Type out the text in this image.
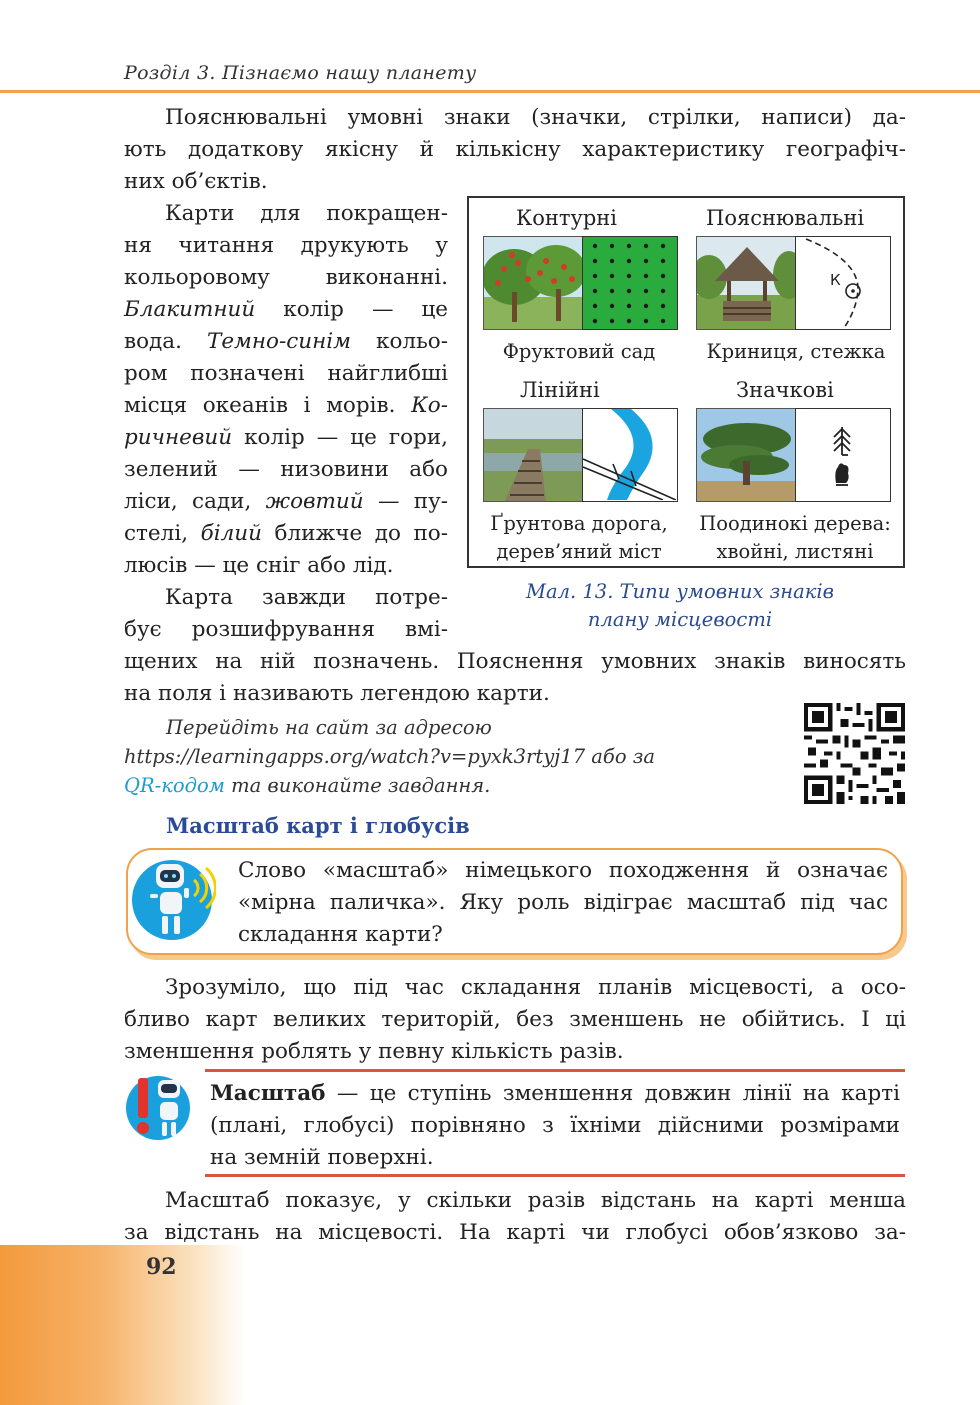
Розділ 3. Пізнаємо нашу планету
Пояснювальні умовні знаки (значки, стрілки, написи) да-
ють додаткову якісну й кількісну характеристику географіч-
них об’єктів.
Карти для покращен-
ня читання друкують у
кольоровому виконанні.
Блакитний колір — це
вода. Темно-синім кольо-
ром позначені найглибші
місця океанів і морів. Ко-
ричневий колір — це гори,
зелений — низовини або
ліси, сади, жовтий — пу-
стелі, білий ближче до по-
люсів — це сніг або лід.
Карта завжди потре-
бує розшифрування вмі-
щених на ній позначень. Пояснення умовних знаків виносять
на поля і називають легендою карти.
Контурні
Фруктовий сад
Пояснювальні
К
Криниця, стежка
Лінійні
Ґрунтова дорога,
дерев’яний міст
Значкові
Поодинокі дерева:
хвойні, листяні
Мал. 13. Типи умовних знаків
плану місцевості
Перейдіть на сайт за адресою
https://learningapps.org/watch?v=pyxk3rtyj17 або за
QR-кодом та виконайте завдання.
Масштаб карт і глобусів
Слово «масштаб» німецького походження й означає
«мірна паличка». Яку роль відіграє масштаб під час
складання карти?
Зрозуміло, що під час складання планів місцевості, а осо-
бливо карт великих територій, без зменшень не обійтись. І ці
зменшення роблять у певну кількість разів.
Масштаб — це ступінь зменшення довжин лінії на карті
(плані, глобусі) порівняно з їхніми дійсними розмірами
на земній поверхні.
Масштаб показує, у скільки разів відстань на карті менша
за відстань на місцевості. На карті чи глобусі обов’язково за-
92
